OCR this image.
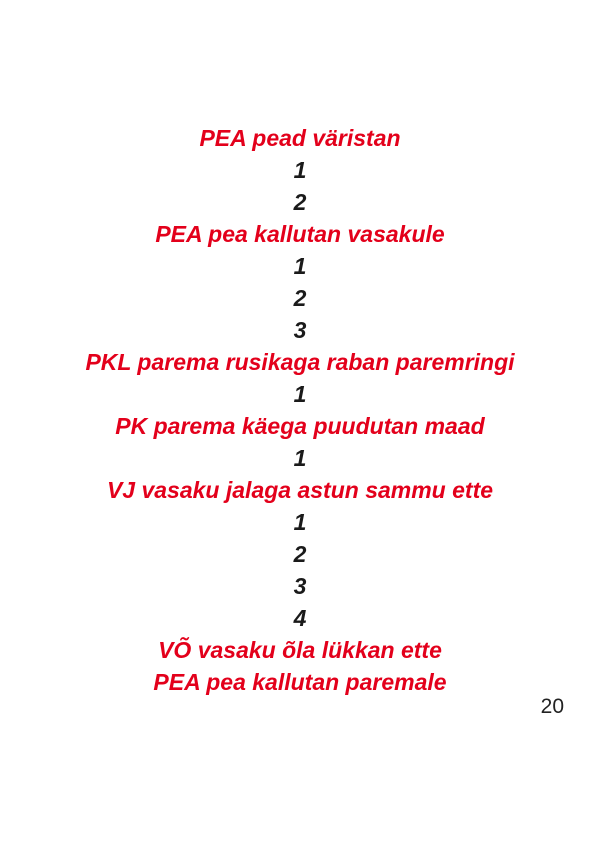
PEA pead väristan
1
2
PEA pea kallutan vasakule
1
2
3
PKL parema rusikaga raban paremringi
1
PK parema käega puudutan maad
1
VJ vasaku jalaga astun sammu ette
1
2
3
4
VÕ vasaku õla lükkan ette
PEA pea kallutan paremale
20
